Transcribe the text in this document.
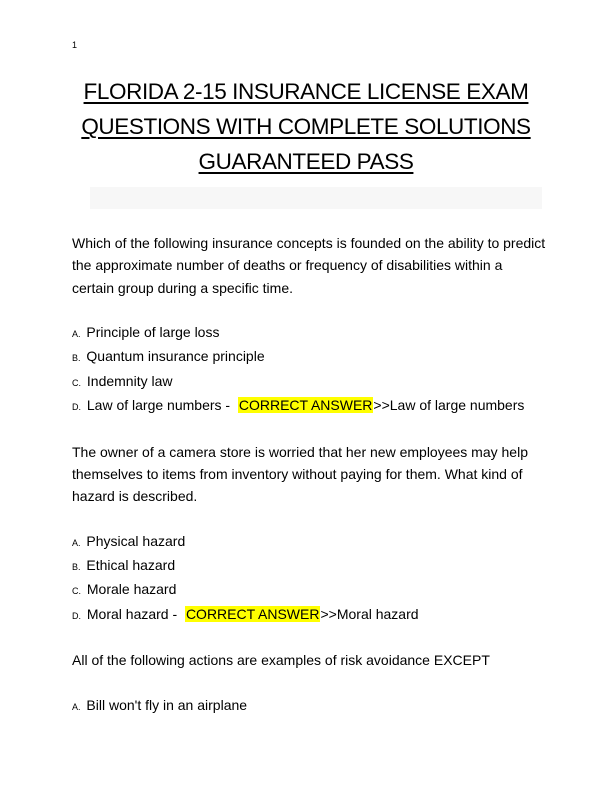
1
FLORIDA 2-15 INSURANCE LICENSE EXAM
QUESTIONS WITH COMPLETE SOLUTIONS
GUARANTEED PASS

Which of the following insurance concepts is founded on the ability to predict the approximate number of deaths or frequency of disabilities within a certain group during a specific time.

A. Principle of large loss
B. Quantum insurance principle
C. Indemnity law
D. Law of large numbers -  CORRECT ANSWER>>Law of large numbers

The owner of a camera store is worried that her new employees may help themselves to items from inventory without paying for them. What kind of hazard is described.

A. Physical hazard
B. Ethical hazard
C. Morale hazard
D. Moral hazard -  CORRECT ANSWER>>Moral hazard

All of the following actions are examples of risk avoidance EXCEPT

A. Bill won't fly in an airplane
